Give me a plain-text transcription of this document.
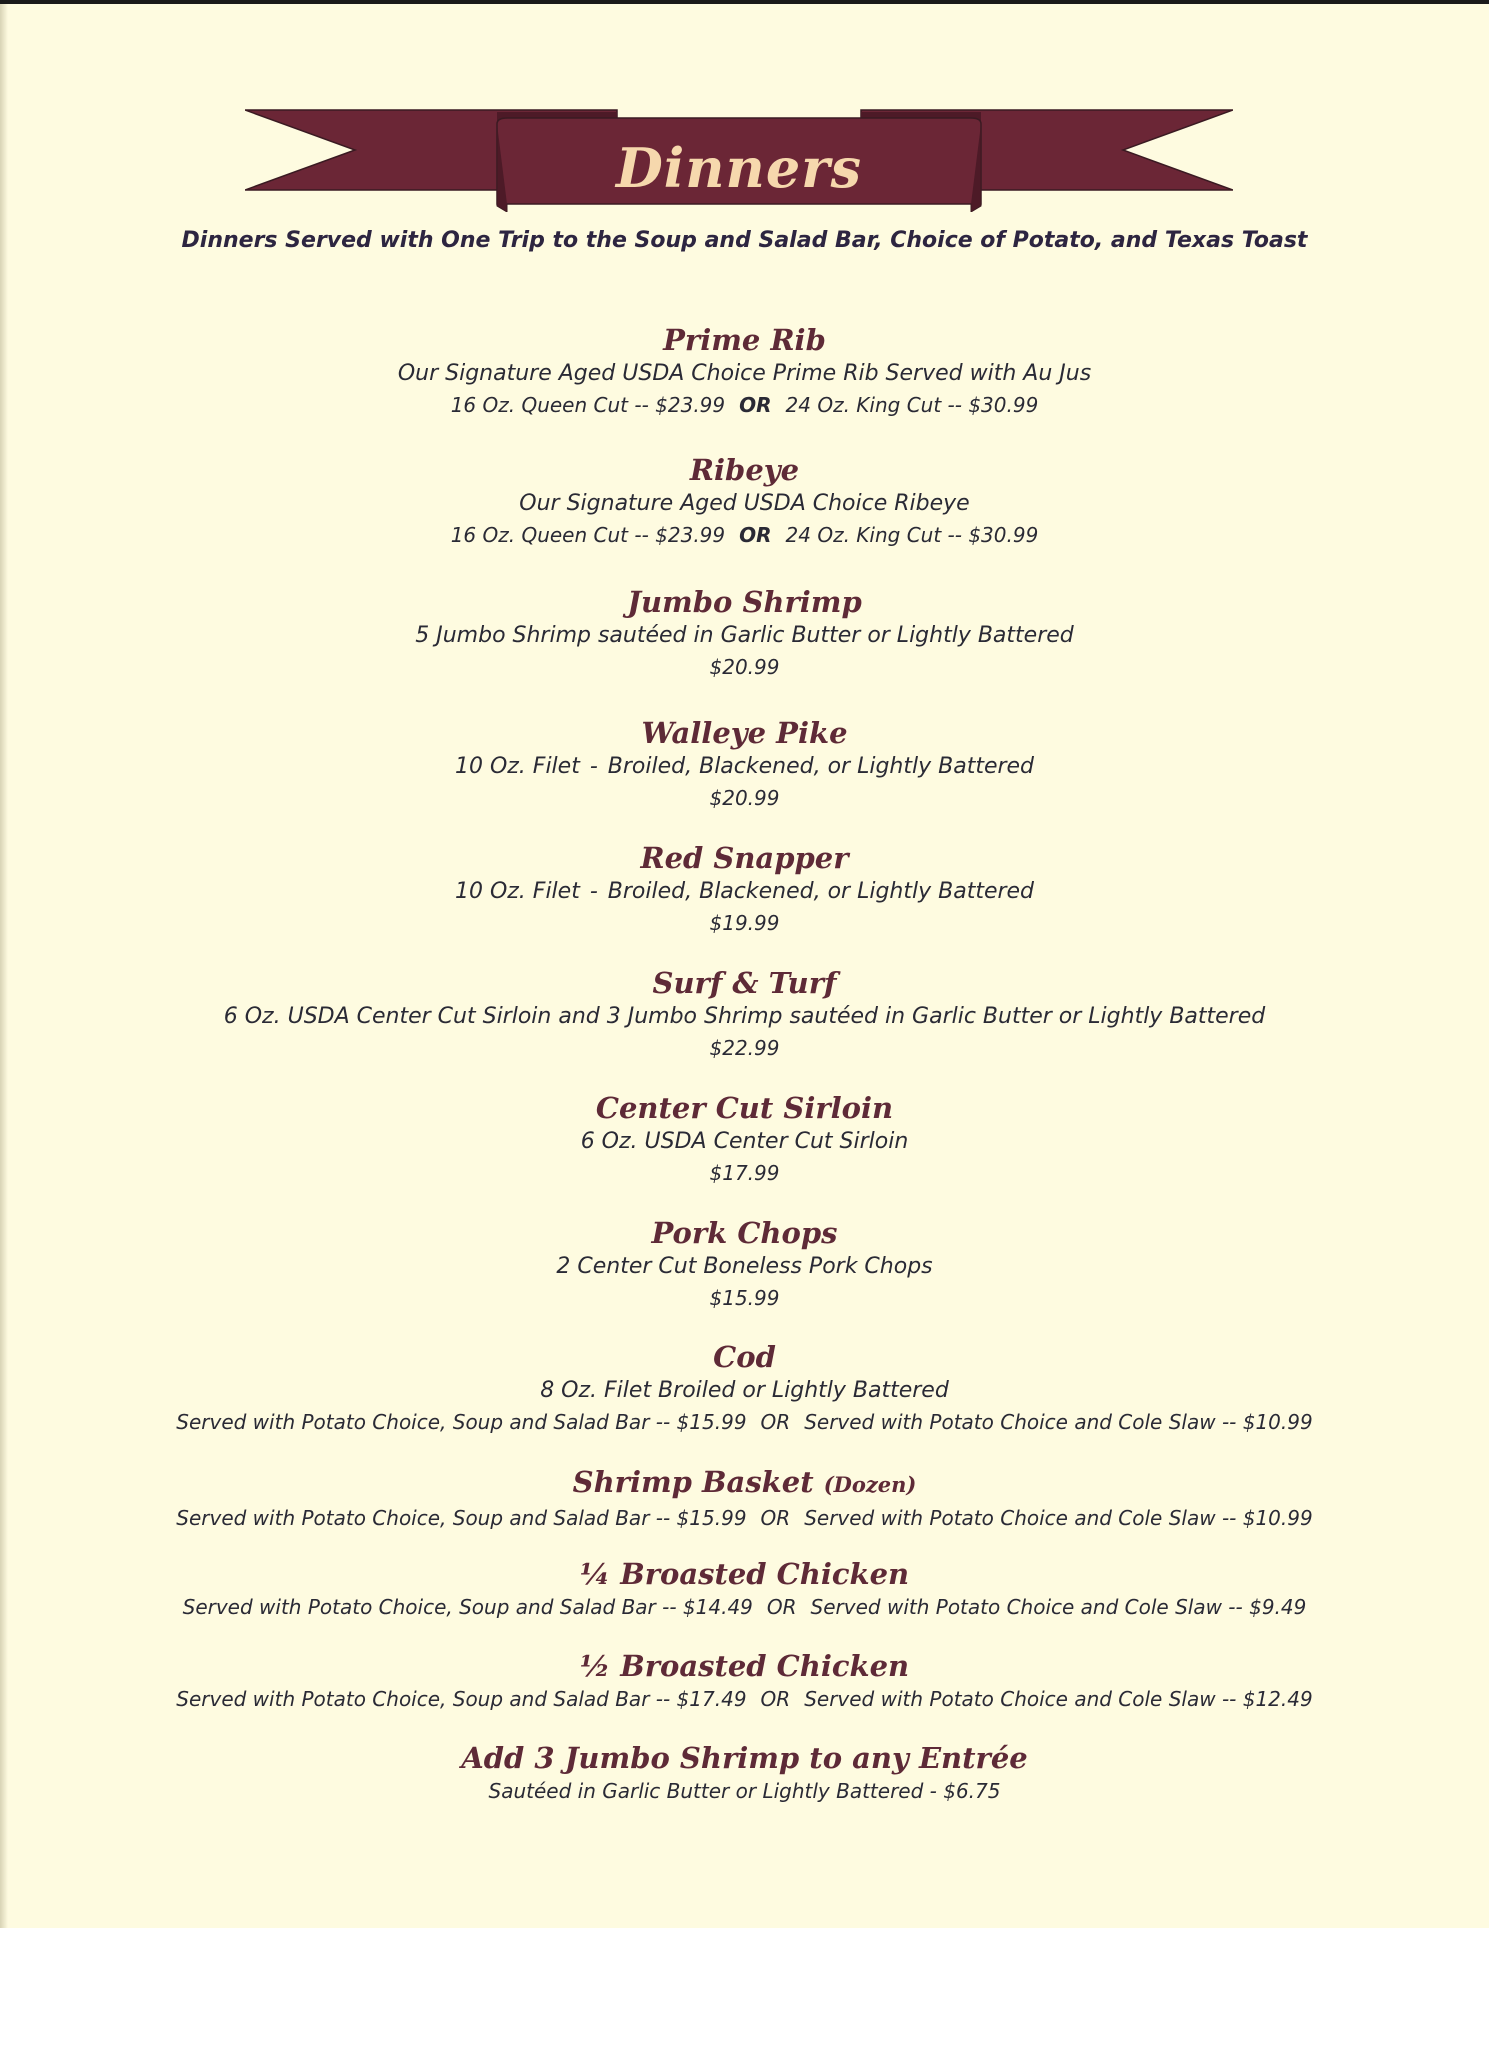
Dinners
Dinners Served with One Trip to the Soup and Salad Bar, Choice of Potato, and Texas Toast
Prime Rib
Our Signature Aged USDA Choice Prime Rib Served with Au Jus
16 Oz. Queen Cut -- $23.99 OR 24 Oz. King Cut -- $30.99
Ribeye
Our Signature Aged USDA Choice Ribeye
16 Oz. Queen Cut -- $23.99 OR 24 Oz. King Cut -- $30.99
Jumbo Shrimp
5 Jumbo Shrimp sautéed in Garlic Butter or Lightly Battered
$20.99
Walleye Pike
10 Oz. Filet - Broiled, Blackened, or Lightly Battered
$20.99
Red Snapper
10 Oz. Filet - Broiled, Blackened, or Lightly Battered
$19.99
Surf & Turf
6 Oz. USDA Center Cut Sirloin and 3 Jumbo Shrimp sautéed in Garlic Butter or Lightly Battered
$22.99
Center Cut Sirloin
6 Oz. USDA Center Cut Sirloin
$17.99
Pork Chops
2 Center Cut Boneless Pork Chops
$15.99
Cod
8 Oz. Filet Broiled or Lightly Battered
Served with Potato Choice, Soup and Salad Bar -- $15.99 OR Served with Potato Choice and Cole Slaw -- $10.99
Shrimp Basket (Dozen)
Served with Potato Choice, Soup and Salad Bar -- $15.99 OR Served with Potato Choice and Cole Slaw -- $10.99
¼ Broasted Chicken
Served with Potato Choice, Soup and Salad Bar -- $14.49 OR Served with Potato Choice and Cole Slaw -- $9.49
½ Broasted Chicken
Served with Potato Choice, Soup and Salad Bar -- $17.49 OR Served with Potato Choice and Cole Slaw -- $12.49
Add 3 Jumbo Shrimp to any Entrée
Sautéed in Garlic Butter or Lightly Battered - $6.75
